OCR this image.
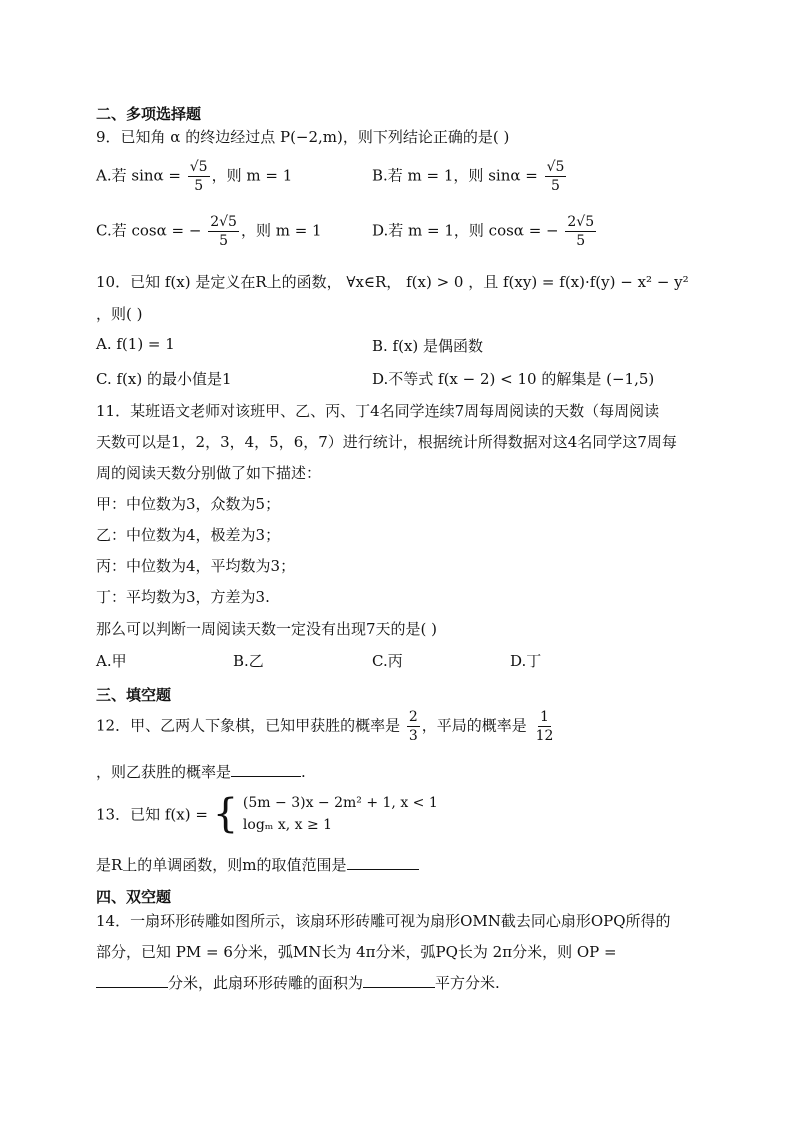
二、多项选择题
9．已知角 α 的终边经过点 P(−2,m)，则下列结论正确的是( )
A.若 $\sin\alpha = \frac{√5}{5}$ ，则 m = 1	B.若 m = 1，则 $\sin\alpha = \frac{√5}{5}$
C.若 cosα = − $\frac{2√5}{5}$ ，则 m = 1	D.若 m = 1，则 cosα = − $\frac{2√5}{5}$
10．已知 f(x) 是定义在R上的函数， ∀x∈R， f(x) > 0 ，且 f(xy) = f(x)·f(y) − x² − y²
，则( )
A. f(1) = 1	B. f(x) 是偶函数
C. f(x) 的最小值是1	D.不等式 f(x − 2) < 10 的解集是 (−1,5)
11．某班语文老师对该班甲、乙、丙、丁4名同学连续7周每周阅读的天数（每周阅读
天数可以是1，2，3，4，5，6，7）进行统计，根据统计所得数据对这4名同学这7周每
周的阅读天数分别做了如下描述：
甲：中位数为3，众数为5；
乙：中位数为4，极差为3；
丙：中位数为4，平均数为3；
丁：平均数为3，方差为3.
那么可以判断一周阅读天数一定没有出现7天的是( )
A.甲	B.乙	C.丙	D.丁
三、填空题
12．甲、乙两人下象棋，已知甲获胜的概率是 $\frac{2}{3}$ ，平局的概率是 $\frac{1}{12}$
，则乙获胜的概率是	.
13．已知 f(x) = { (5m − 3)x − 2m² + 1, x < 1
logₘ x, x ≥ 1
是R上的单调函数，则m的取值范围是
四、双空题
14．一扇环形砖雕如图所示，该扇环形砖雕可视为扇形OMN截去同心扇形OPQ所得的
部分，已知 PM = 6分米，弧MN长为 4π分米，弧PQ长为 2π分米，则 OP =
分米，此扇环形砖雕的面积为	平方分米.
